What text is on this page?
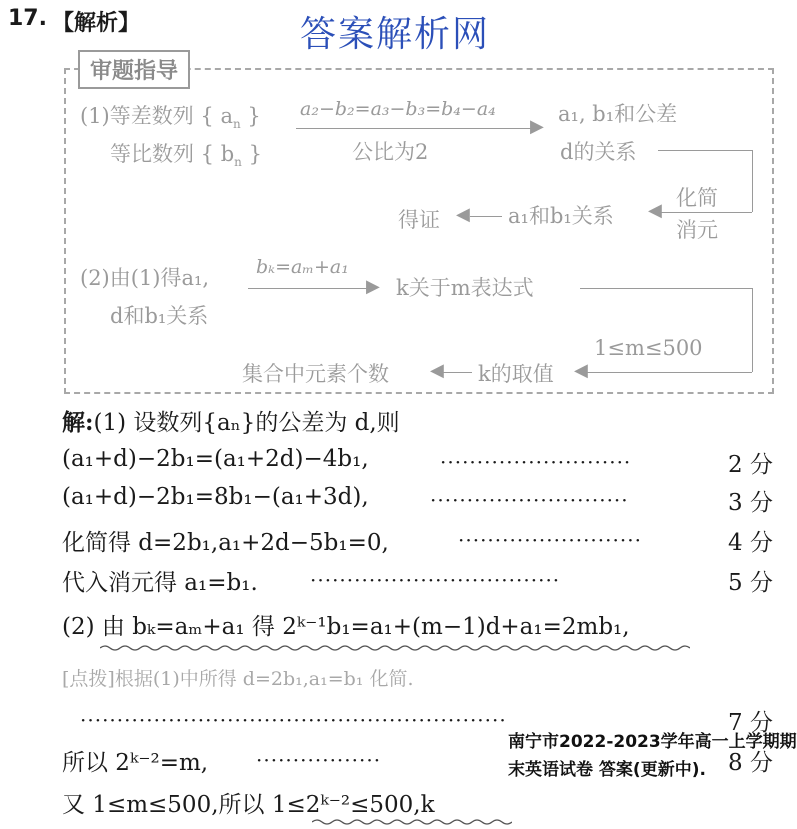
17. 【解析】	答案解析网
审题指导
(1)等差数列 { $a_n$ }
等比数列 { $b_n$ }
a₂−b₂=a₃−b₃=b₄−a₄
▶
公比为2
a₁, b₁和公差
d的关系
◀
化简
消元
a₁和b₁关系
◀
得证
(2)由(1)得a₁,
d和b₁关系
bₖ=aₘ+a₁
▶ k关于m表达式
1≤m≤500
◀
k的取值
◀
集合中元素个数
解:(1) 设数列{aₙ}的公差为 d,则
(a₁+d)−2b₁=(a₁+2d)−4b₁,	··························	2 分
(a₁+d)−2b₁=8b₁−(a₁+3d),	···························	3 分
化简得 d=2b₁,a₁+2d−5b₁=0,	·························	4 分
代入消元得 a₁=b₁.	··································	5 分
(2) 由 bₖ=aₘ+a₁ 得 2ᵏ⁻¹b₁=a₁+(m−1)d+a₁=2mb₁,
[点拨]根据(1)中所得 d=2b₁,a₁=b₁ 化简.
··························································	7 分
所以 2ᵏ⁻²=m, ·················	8 分
又 1≤m≤500,所以 1≤2ᵏ⁻²≤500,k
南宁市2022-2023学年高一上学期期末英语试卷 答案(更新中).
